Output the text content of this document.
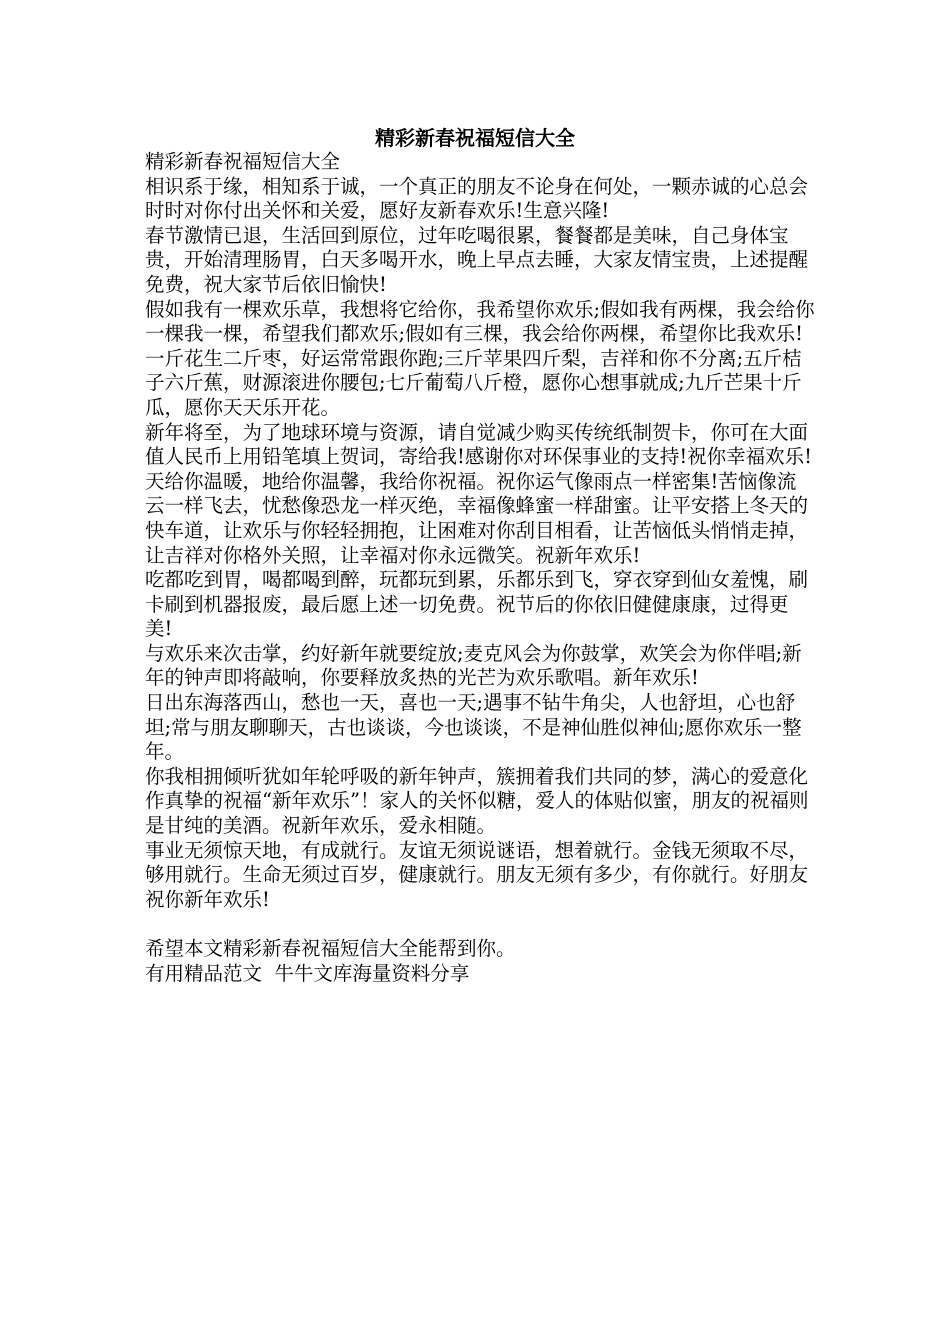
精彩新春祝福短信大全

精彩新春祝福短信大全

相识系于缘，相知系于诚，一个真正的朋友不论身在何处，一颗赤诚的心总会时时对你付出关怀和关爱，愿好友新春欢乐!生意兴隆!

春节激情已退，生活回到原位，过年吃喝很累，餐餐都是美味，自己身体宝贵，开始清理肠胃，白天多喝开水，晚上早点去睡，大家友情宝贵，上述提醒免费，祝大家节后依旧愉快!

假如我有一棵欢乐草，我想将它给你，我希望你欢乐;假如我有两棵，我会给你一棵我一棵，希望我们都欢乐;假如有三棵，我会给你两棵，希望你比我欢乐!

一斤花生二斤枣，好运常常跟你跑;三斤苹果四斤梨，吉祥和你不分离;五斤桔子六斤蕉，财源滚进你腰包;七斤葡萄八斤橙，愿你心想事就成;九斤芒果十斤瓜，愿你天天乐开花。

新年将至，为了地球环境与资源，请自觉减少购买传统纸制贺卡，你可在大面值人民币上用铅笔填上贺词，寄给我!感谢你对环保事业的支持!祝你幸福欢乐!

天给你温暖，地给你温馨，我给你祝福。祝你运气像雨点一样密集!苦恼像流云一样飞去，忧愁像恐龙一样灭绝，幸福像蜂蜜一样甜蜜。让平安搭上冬天的快车道，让欢乐与你轻轻拥抱，让困难对你刮目相看，让苦恼低头悄悄走掉，让吉祥对你格外关照，让幸福对你永远微笑。祝新年欢乐!

吃都吃到胃，喝都喝到醉，玩都玩到累，乐都乐到飞，穿衣穿到仙女羞愧，刷卡刷到机器报废，最后愿上述一切免费。祝节后的你依旧健健康康，过得更美!

与欢乐来次击掌，约好新年就要绽放;麦克风会为你鼓掌，欢笑会为你伴唱;新年的钟声即将敲响，你要释放炙热的光芒为欢乐歌唱。新年欢乐!

日出东海落西山，愁也一天，喜也一天;遇事不钻牛角尖，人也舒坦，心也舒坦;常与朋友聊聊天，古也谈谈，今也谈谈，不是神仙胜似神仙;愿你欢乐一整年。

你我相拥倾听犹如年轮呼吸的新年钟声，簇拥着我们共同的梦，满心的爱意化作真挚的祝福“新年欢乐”！家人的关怀似糖，爱人的体贴似蜜，朋友的祝福则是甘纯的美酒。祝新年欢乐，爱永相随。

事业无须惊天地，有成就行。友谊无须说谜语，想着就行。金钱无须取不尽，够用就行。生命无须过百岁，健康就行。朋友无须有多少，有你就行。好朋友祝你新年欢乐!

希望本文精彩新春祝福短信大全能帮到你。

有用精品范文  牛牛文库海量资料分享
